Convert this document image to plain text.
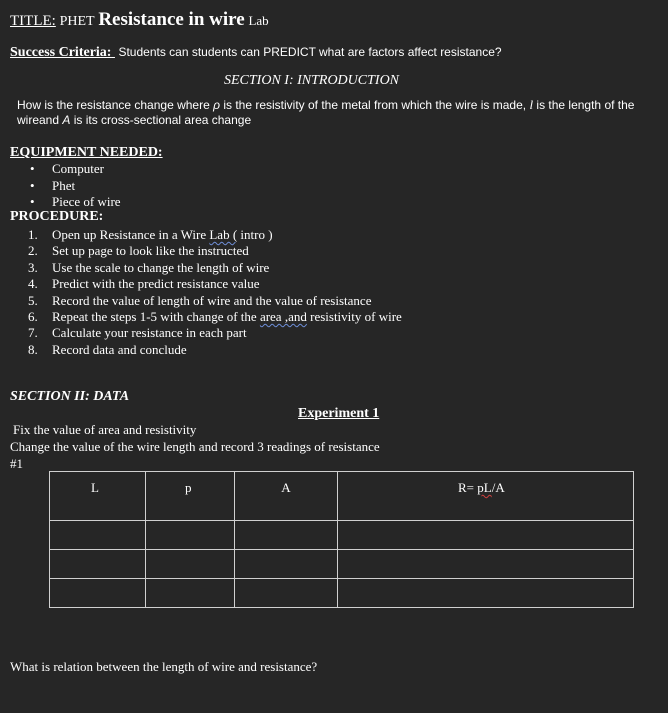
TITLE: PHET Resistance in wire Lab
Success Criteria: Students can students can PREDICT what are factors affect resistance?
SECTION I: INTRODUCTION
How is the resistance change where ρ is the resistivity of the metal from which the wire is made, l is the length of the wireand A is its cross-sectional area change
EQUIPMENT NEEDED:
• Computer
• Phet
• Piece of wire
PROCEDURE:
1. Open up Resistance in a Wire Lab ( intro )
2. Set up page to look like the instructed
3. Use the scale to change the length of wire
4. Predict with the predict resistance value
5. Record the value of length of wire and the value of resistance
6. Repeat the steps 1-5 with change of the area ,and resistivity of wire
7. Calculate your resistance in each part
8. Record data and conclude
SECTION II: DATA
Experiment 1
Fix the value of area and resistivity
Change the value of the wire length and record 3 readings of resistance
#1
L	p	A	R= pL/A

What is relation between the length of wire and resistance?
